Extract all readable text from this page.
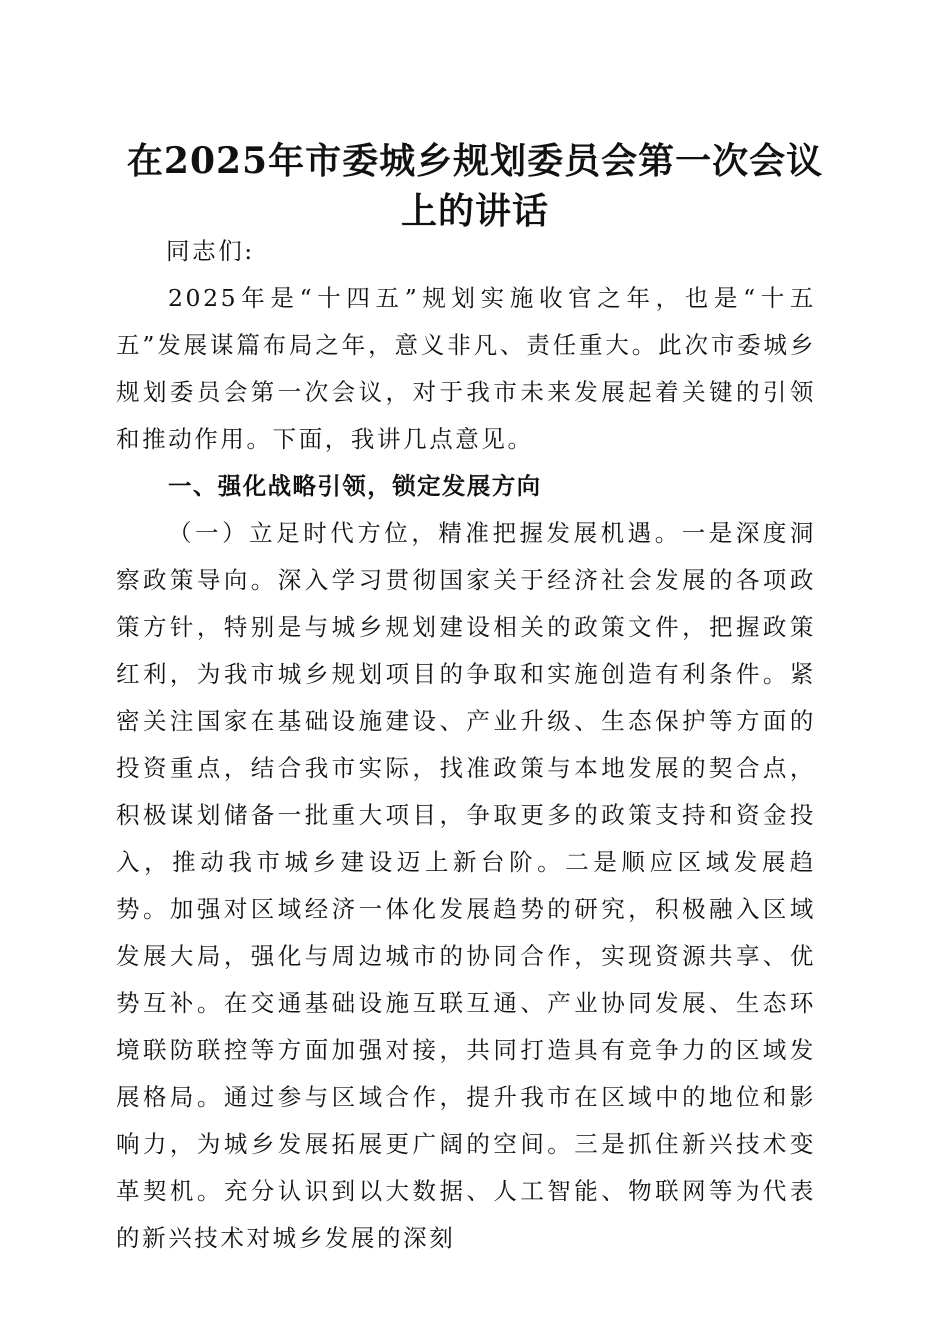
在2025年市委城乡规划委员会第一次会议上的讲话

同志们:

2025年是“十四五”规划实施收官之年，也是“十五五”发展谋篇布局之年，意义非凡、责任重大。此次市委城乡规划委员会第一次会议，对于我市未来发展起着关键的引领和推动作用。下面，我讲几点意见。

一、强化战略引领，锁定发展方向

（一）立足时代方位，精准把握发展机遇。一是深度洞察政策导向。深入学习贯彻国家关于经济社会发展的各项政策方针，特别是与城乡规划建设相关的政策文件，把握政策红利，为我市城乡规划项目的争取和实施创造有利条件。紧密关注国家在基础设施建设、产业升级、生态保护等方面的投资重点，结合我市实际，找准政策与本地发展的契合点，积极谋划储备一批重大项目，争取更多的政策支持和资金投入，推动我市城乡建设迈上新台阶。二是顺应区域发展趋势。加强对区域经济一体化发展趋势的研究，积极融入区域发展大局，强化与周边城市的协同合作，实现资源共享、优势互补。在交通基础设施互联互通、产业协同发展、生态环境联防联控等方面加强对接，共同打造具有竞争力的区域发展格局。通过参与区域合作，提升我市在区域中的地位和影响力，为城乡发展拓展更广阔的空间。三是抓住新兴技术变革契机。充分认识到以大数据、人工智能、物联网等为代表的新兴技术对城乡发展的深刻
